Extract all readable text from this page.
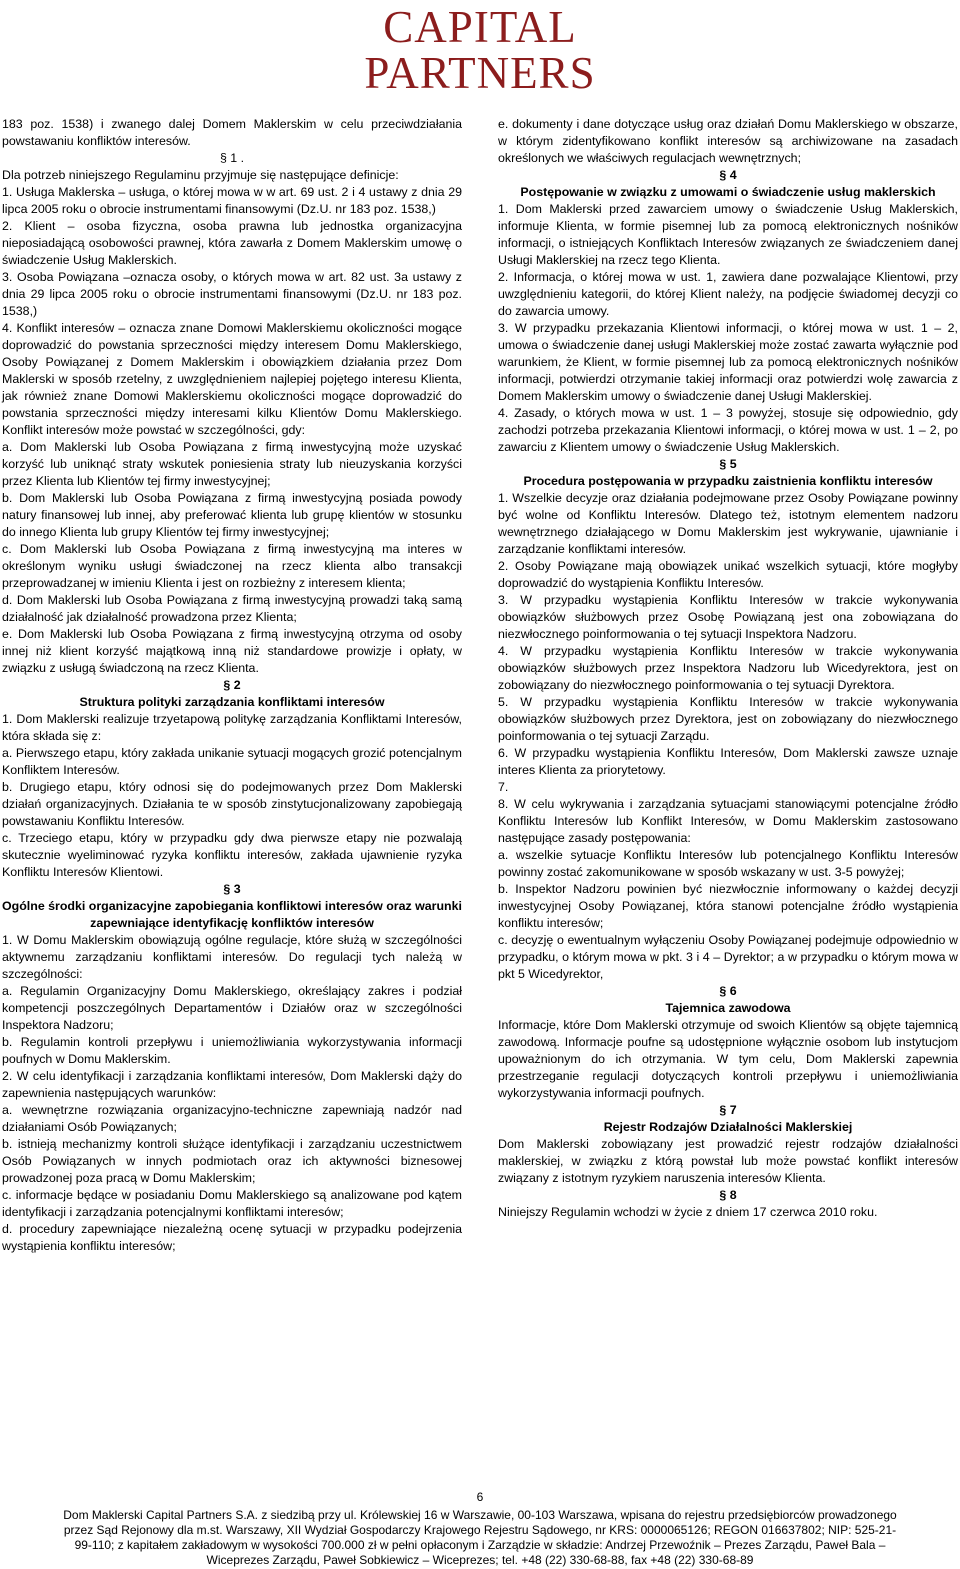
CAPITAL
PARTNERS

183 poz. 1538) i zwanego dalej Domem Maklerskim w celu przeciwdziałania powstawaniu konfliktów interesów.

§ 1 .

Dla potrzeb niniejszego Regulaminu przyjmuje się następujące definicje:

1. Usługa Maklerska – usługa, o której mowa w w art. 69 ust. 2 i 4 ustawy z dnia 29 lipca 2005 roku o obrocie instrumentami finansowymi (Dz.U. nr 183 poz. 1538,)

2. Klient – osoba fizyczna, osoba prawna lub jednostka organizacyjna nieposiadającą osobowości prawnej, która zawarła z Domem Maklerskim umowę o świadczenie Usług Maklerskich.

3. Osoba Powiązana –oznacza osoby, o których mowa w art. 82 ust. 3a ustawy z dnia 29 lipca 2005 roku o obrocie instrumentami finansowymi (Dz.U. nr 183 poz. 1538,)

4. Konflikt interesów – oznacza znane Domowi Maklerskiemu okoliczności mogące doprowadzić do powstania sprzeczności między interesem Domu Maklerskiego, Osoby Powiązanej z Domem Maklerskim i obowiązkiem działania przez Dom Maklerski w sposób rzetelny, z uwzględnieniem najlepiej pojętego interesu Klienta, jak również znane Domowi Maklerskiemu okoliczności mogące doprowadzić do powstania sprzeczności między interesami kilku Klientów Domu Maklerskiego. Konflikt interesów może powstać w szczególności, gdy:

a. Dom Maklerski lub Osoba Powiązana z firmą inwestycyjną może uzyskać korzyść lub uniknąć straty wskutek poniesienia straty lub nieuzyskania korzyści przez Klienta lub Klientów tej firmy inwestycyjnej;

b. Dom Maklerski lub Osoba Powiązana z firmą inwestycyjną posiada powody natury finansowej lub innej, aby preferować klienta lub grupę klientów w stosunku do innego Klienta lub grupy Klientów tej firmy inwestycyjnej;

c. Dom Maklerski lub Osoba Powiązana z firmą inwestycyjną ma interes w określonym wyniku usługi świadczonej na rzecz klienta albo transakcji przeprowadzanej w imieniu Klienta i jest on rozbieżny z interesem klienta;

d. Dom Maklerski lub Osoba Powiązana z firmą inwestycyjną prowadzi taką samą działalność jak działalność prowadzona przez Klienta;

e. Dom Maklerski lub Osoba Powiązana z firmą inwestycyjną otrzyma od osoby innej niż klient korzyść majątkową inną niż standardowe prowizje i opłaty, w związku z usługą świadczoną na rzecz Klienta.

§ 2

Struktura polityki zarządzania konfliktami interesów

1. Dom Maklerski realizuje trzyetapową politykę zarządzania Konfliktami Interesów, która składa się z:

a. Pierwszego etapu, który zakłada unikanie sytuacji mogących grozić potencjalnym Konfliktem Interesów.

b. Drugiego etapu, który odnosi się do podejmowanych przez Dom Maklerski działań organizacyjnych. Działania te w sposób zinstytucjonalizowany zapobiegają powstawaniu Konfliktu Interesów.

c. Trzeciego etapu, który w przypadku gdy dwa pierwsze etapy nie pozwalają skutecznie wyeliminować ryzyka konfliktu interesów, zakłada ujawnienie ryzyka Konfliktu Interesów Klientowi.

§ 3

Ogólne środki organizacyjne zapobiegania konfliktowi interesów oraz warunki zapewniające identyfikację konfliktów interesów

1. W Domu Maklerskim obowiązują ogólne regulacje, które służą w szczególności aktywnemu zarządzaniu konfliktami interesów. Do regulacji tych należą w szczególności:

a. Regulamin Organizacyjny Domu Maklerskiego, określający zakres i podział kompetencji poszczególnych Departamentów i Działów oraz w szczególności Inspektora Nadzoru;

b. Regulamin kontroli przepływu i uniemożliwiania wykorzystywania informacji poufnych w Domu Maklerskim.

2. W celu identyfikacji i zarządzania konfliktami interesów, Dom Maklerski dąży do zapewnienia następujących warunków:

a. wewnętrzne rozwiązania organizacyjno-techniczne zapewniają nadzór nad działaniami Osób Powiązanych;

b. istnieją mechanizmy kontroli służące identyfikacji i zarządzaniu uczestnictwem Osób Powiązanych w innych podmiotach oraz ich aktywności biznesowej prowadzonej poza pracą w Domu Maklerskim;

c. informacje będące w posiadaniu Domu Maklerskiego są analizowane pod kątem identyfikacji i zarządzania potencjalnymi konfliktami interesów;

d. procedury zapewniające niezależną ocenę sytuacji w przypadku podejrzenia wystąpienia konfliktu interesów;

e. dokumenty i dane dotyczące usług oraz działań Domu Maklerskiego w obszarze, w którym zidentyfikowano konflikt interesów są archiwizowane na zasadach określonych we właściwych regulacjach wewnętrznych;

§ 4

Postępowanie w związku z umowami o świadczenie usług maklerskich

1. Dom Maklerski przed zawarciem umowy o świadczenie Usług Maklerskich, informuje Klienta, w formie pisemnej lub za pomocą elektronicznych nośników informacji, o istniejących Konfliktach Interesów związanych ze świadczeniem danej Usługi Maklerskiej na rzecz tego Klienta.

2. Informacja, o której mowa w ust. 1, zawiera dane pozwalające Klientowi, przy uwzględnieniu kategorii, do której Klient należy, na podjęcie świadomej decyzji co do zawarcia umowy.

3. W przypadku przekazania Klientowi informacji, o której mowa w ust. 1 – 2, umowa o świadczenie danej usługi Maklerskiej może zostać zawarta wyłącznie pod warunkiem, że Klient, w formie pisemnej lub za pomocą elektronicznych nośników informacji, potwierdzi otrzymanie takiej informacji oraz potwierdzi wolę zawarcia z Domem Maklerskim umowy o świadczenie danej Usługi Maklerskiej.

4. Zasady, o których mowa w ust. 1 – 3 powyżej, stosuje się odpowiednio, gdy zachodzi potrzeba przekazania Klientowi informacji, o której mowa w ust. 1 – 2, po zawarciu z Klientem umowy o świadczenie Usług Maklerskich.

§ 5

Procedura postępowania w przypadku zaistnienia konfliktu interesów

1. Wszelkie decyzje oraz działania podejmowane przez Osoby Powiązane powinny być wolne od Konfliktu Interesów. Dlatego też, istotnym elementem nadzoru wewnętrznego działającego w Domu Maklerskim jest wykrywanie, ujawnianie i zarządzanie konfliktami interesów.

2. Osoby Powiązane mają obowiązek unikać wszelkich sytuacji, które mogłyby doprowadzić do wystąpienia Konfliktu Interesów.

3. W przypadku wystąpienia Konfliktu Interesów w trakcie wykonywania obowiązków służbowych przez Osobę Powiązaną jest ona zobowiązana do niezwłocznego poinformowania o tej sytuacji Inspektora Nadzoru.

4. W przypadku wystąpienia Konfliktu Interesów w trakcie wykonywania obowiązków służbowych przez Inspektora Nadzoru lub Wicedyrektora, jest on zobowiązany do niezwłocznego poinformowania o tej sytuacji Dyrektora.

5. W przypadku wystąpienia Konfliktu Interesów w trakcie wykonywania obowiązków służbowych przez Dyrektora, jest on zobowiązany do niezwłocznego poinformowania o tej sytuacji Zarządu.

6. W przypadku wystąpienia Konfliktu Interesów, Dom Maklerski zawsze uznaje interes Klienta za priorytetowy.

7.

8. W celu wykrywania i zarządzania sytuacjami stanowiącymi potencjalne źródło Konfliktu Interesów lub Konflikt Interesów, w Domu Maklerskim zastosowano następujące zasady postępowania:

a. wszelkie sytuacje Konfliktu Interesów lub potencjalnego Konfliktu Interesów powinny zostać zakomunikowane w sposób wskazany w ust. 3-5 powyżej;

b. Inspektor Nadzoru powinien być niezwłocznie informowany o każdej decyzji inwestycyjnej Osoby Powiązanej, która stanowi potencjalne źródło wystąpienia konfliktu interesów;

c. decyzję o ewentualnym wyłączeniu Osoby Powiązanej podejmuje odpowiednio w przypadku, o którym mowa w pkt. 3 i 4 – Dyrektor; a w przypadku o którym mowa w pkt 5 Wicedyrektor,

§ 6

Tajemnica zawodowa

Informacje, które Dom Maklerski otrzymuje od swoich Klientów są objęte tajemnicą zawodową. Informacje poufne są udostępnione wyłącznie osobom lub instytucjom upoważnionym do ich otrzymania. W tym celu, Dom Maklerski zapewnia przestrzeganie regulacji dotyczących kontroli przepływu i uniemożliwiania wykorzystywania informacji poufnych.

§ 7

Rejestr Rodzajów Działalności Maklerskiej

Dom Maklerski zobowiązany jest prowadzić rejestr rodzajów działalności maklerskiej, w związku z którą powstał lub może powstać konflikt interesów związany z istotnym ryzykiem naruszenia interesów Klienta.

§ 8

Niniejszy Regulamin wchodzi w życie z dniem 17 czerwca 2010 roku.

6
Dom Maklerski Capital Partners S.A. z siedzibą przy ul. Królewskiej 16 w Warszawie, 00-103 Warszawa, wpisana do rejestru przedsiębiorców prowadzonego
przez Sąd Rejonowy dla m.st. Warszawy, XII Wydział Gospodarczy Krajowego Rejestru Sądowego, nr KRS: 0000065126; REGON 016637802; NIP: 525-21-
99-110; z kapitałem zakładowym w wysokości 700.000 zł w pełni opłaconym i Zarządzie w składzie: Andrzej Przewoźnik – Prezes Zarządu, Paweł Bala –
Wiceprezes Zarządu, Paweł Sobkiewicz – Wiceprezes; tel. +48 (22) 330-68-88, fax +48 (22) 330-68-89
